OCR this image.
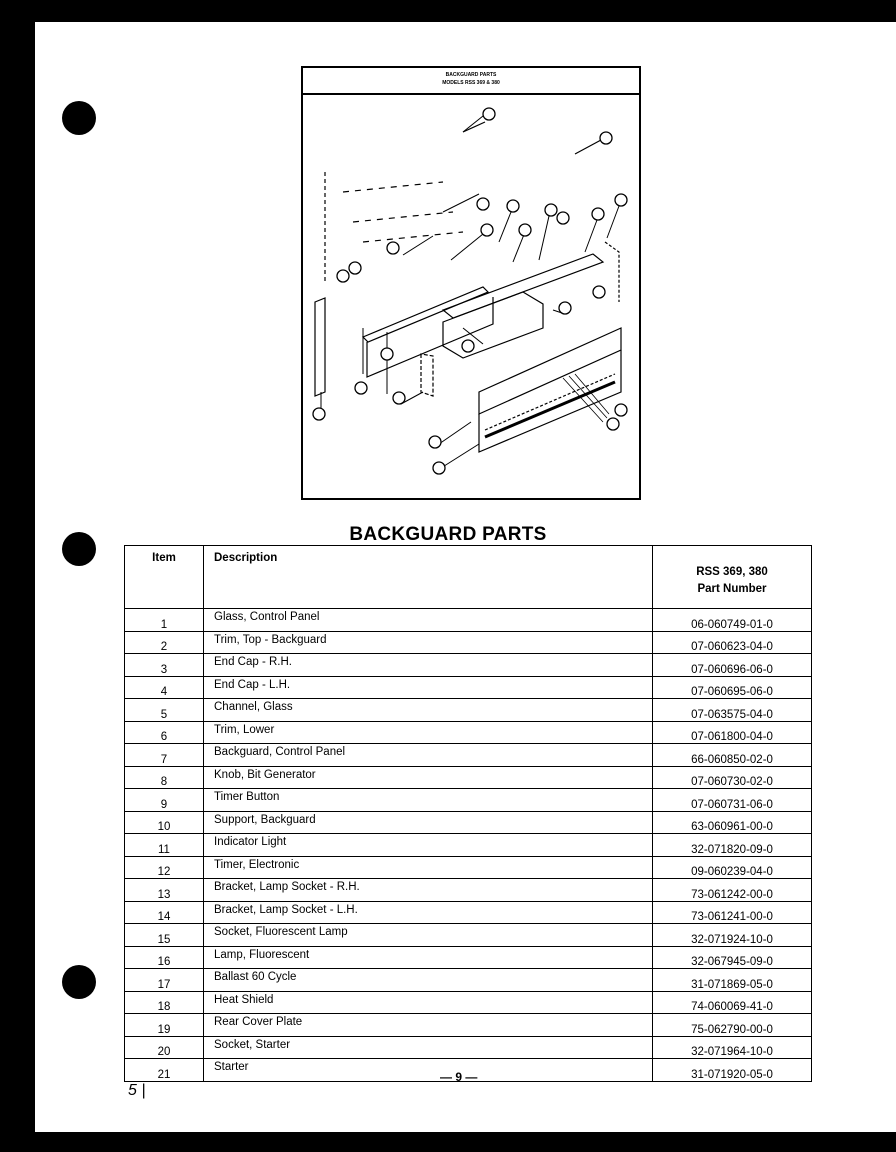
BACKGUARD PARTS
MODELS RSS 369 & 380
BACKGUARD PARTS
Item	Description	RSS 369, 380
Part Number

1	Glass, Control Panel	06-060749-01-0
2	Trim, Top - Backguard	07-060623-04-0
3	End Cap - R.H.	07-060696-06-0
4	End Cap - L.H.	07-060695-06-0
5	Channel, Glass	07-063575-04-0
6	Trim, Lower	07-061800-04-0
7	Backguard, Control Panel	66-060850-02-0
8	Knob, Bit Generator	07-060730-02-0
9	Timer Button	07-060731-06-0
10	Support, Backguard	63-060961-00-0
11	Indicator Light	32-071820-09-0
12	Timer, Electronic	09-060239-04-0
13	Bracket, Lamp Socket - R.H.	73-061242-00-0
14	Bracket, Lamp Socket - L.H.	73-061241-00-0
15	Socket, Fluorescent Lamp	32-071924-10-0
16	Lamp, Fluorescent	32-067945-09-0
17	Ballast 60 Cycle	31-071869-05-0
18	Heat Shield	74-060069-41-0
19	Rear Cover Plate	75-062790-00-0
20	Socket, Starter	32-071964-10-0
21	Starter	31-071920-05-0
— 9 —
5 |
